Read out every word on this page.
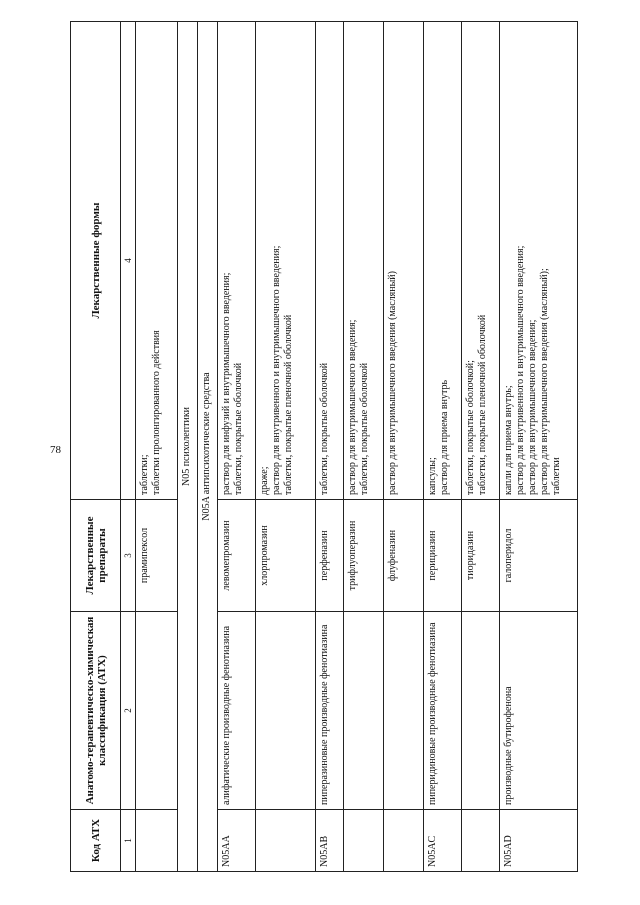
78
Код АТХ	Анатомо-терапевтическо-химическая классификация (АТХ)	Лекарственные препараты	Лекарственные формы
1	2	3	4
		прамипексол	таблетки;
таблетки пролонгированного действия
N05 психолептики			
N05A антипсихотические средства			
N05AA	алифатические производные фенотиазина	левомепромазин	раствор для инфузий и внутримышечного введения;
таблетки, покрытые оболочкой
		хлорпромазин	драже;
раствор для внутривенного и внутримышечного введения;
таблетки, покрытые пленочной оболочкой
N05AB	пиперазиновые производные фенотиазина	перфеназин	таблетки, покрытые оболочкой
		трифлуоперазин	раствор для внутримышечного введения;
таблетки, покрытые оболочкой
		флуфеназин	раствор для внутримышечного введения (масляный)
N05AC	пиперидиновые производные фенотиазина	перициазин	капсулы;
раствор для приема внутрь
		тиоридазин	таблетки, покрытые оболочкой;
таблетки, покрытые пленочной оболочкой
N05AD	производные бутирофенона	галоперидол	капли для приема внутрь;
раствор для внутривенного и внутримышечного введения;
раствор для внутримышечного введения;
раствор для внутримышечного введения (масляный);
таблетки
